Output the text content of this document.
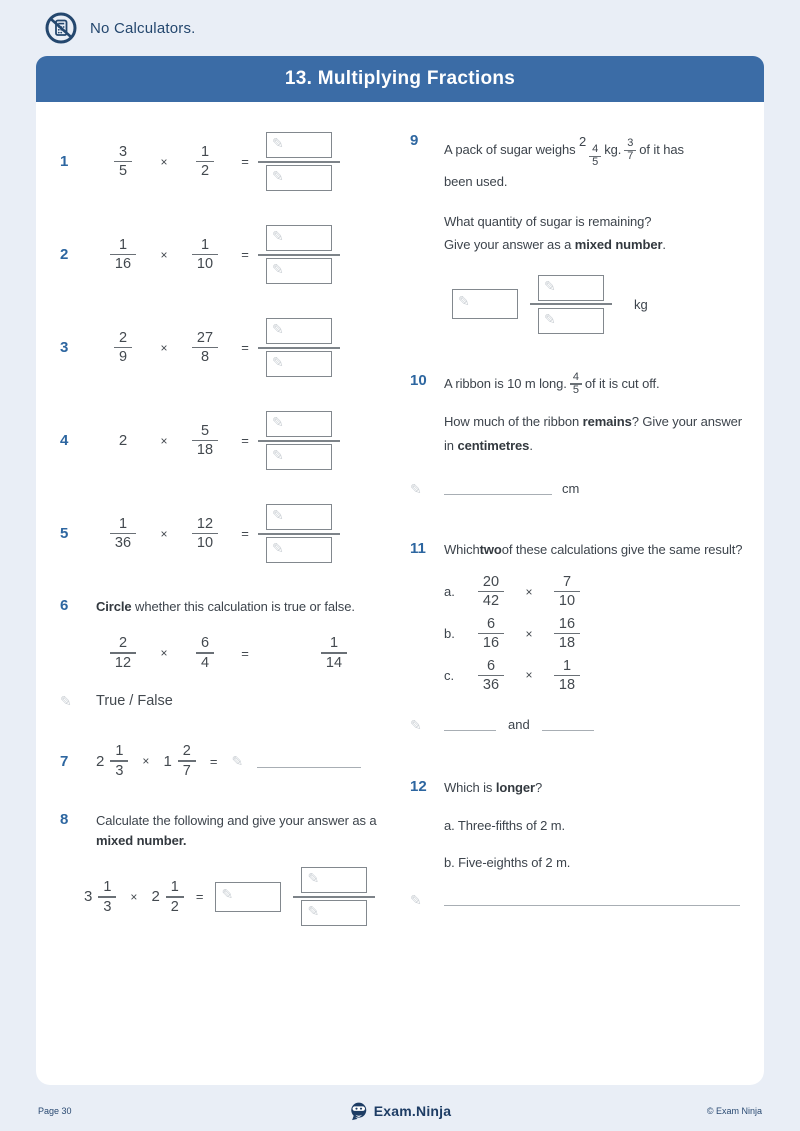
No Calculators.
13. Multiplying Fractions
1	$\frac{3}{5} \times \frac{1}{2}$ =
✎
✎
2	$\frac{1}{16} \times \frac{1}{10}$ =
✎
✎
3	$\frac{2}{9} \times \frac{27}{8}$ =
✎
✎
4	2	× $\frac{5}{18}$ =
✎
✎
5	$\frac{1}{36} \times \frac{12}{10}$ =
✎
✎
6	Circle whether this calculation is true or false.
$\frac{2}{12} \times \frac{6}{4}$ =	$\frac{1}{14}$
✎	True / False
7	$2 \frac{1}{3} \times 1 \frac{2}{7}$ = ✎
8	Calculate the following and give your answer as a
mixed number.
$3 \frac{1}{3} \times 2 \frac{1}{2}$ = ✎
✎
✎
9
A pack of sugar weighs
2
$\frac{4}{5}$ kg. 3
7 of it has
been used.
What quantity of sugar is remaining?
Give your answer as a mixed number.
✎
✎
✎
kg
10	A ribbon is 10 m long. 4
5 of it is cut off.
How much of the ribbon remains? Give your answer
in centimetres.
✎	cm
11	Which two of these calculations give the same result?
a. $\frac{20}{42} \times \frac{7}{10}$
b. $\frac{6}{16} \times \frac{16}{18}$
c. $\frac{6}{36} \times \frac{1}{18}$
✎	and
12	Which is longer?
a. Three-fifths of 2 m.
b. Five-eighths of 2 m.
✎
Page 30	Exam.Ninja	© Exam Ninja
